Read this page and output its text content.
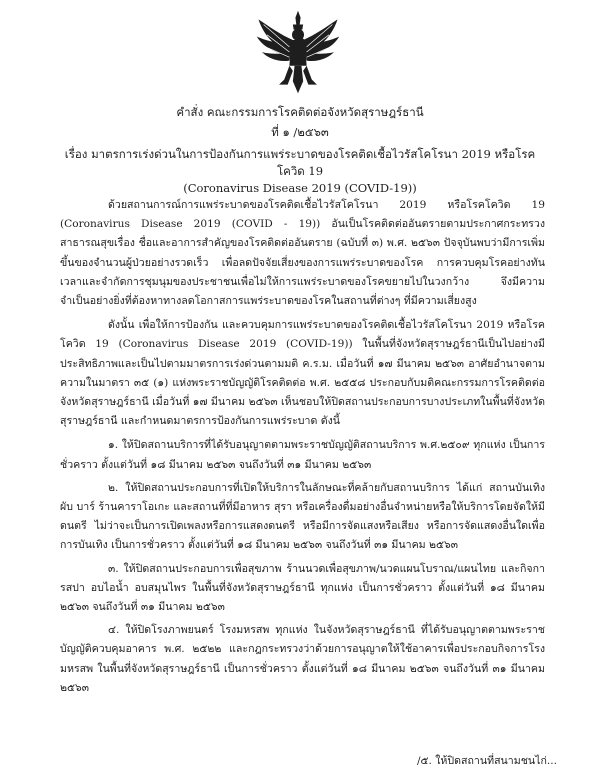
คำสั่ง คณะกรรมการโรคติดต่อจังหวัดสุราษฎร์ธานี
ที่ ๑ /๒๕๖๓
เรื่อง มาตรการเร่งด่วนในการป้องกันการแพร่ระบาดของโรคติดเชื้อไวรัสโคโรนา 2019 หรือโรคโควิด 19
(Coronavirus Disease 2019 (COVID-19))

ด้วยสถานการณ์การแพร่ระบาดของโรคติดเชื้อไวรัสโคโรนา 2019 หรือโรคโควิด 19 (Coronavirus Disease 2019 (COVID - 19)) อันเป็นโรคติดต่ออันตรายตามประกาศกระทรวงสาธารณสุขเรื่อง ชื่อและอาการสำคัญของโรคติดต่ออันตราย (ฉบับที่ ๓) พ.ศ. ๒๕๖๓ ปัจจุบันพบว่ามีการเพิ่มขึ้นของจำนวนผู้ป่วยอย่างรวดเร็ว เพื่อลดปัจจัยเสี่ยงของการแพร่ระบาดของโรค การควบคุมโรคอย่างทันเวลาและจำกัดการชุมนุมของประชาชนเพื่อไม่ให้การแพร่ระบาดของโรคขยายไปในวงกว้าง จึงมีความจำเป็นอย่างยิ่งที่ต้องหาทางลดโอกาสการแพร่ระบาดของโรคในสถานที่ต่างๆ ที่มีความเสี่ยงสูง

ดังนั้น เพื่อให้การป้องกัน และควบคุมการแพร่ระบาดของโรคติดเชื้อไวรัสโคโรนา 2019 หรือโรคโควิด 19 (Coronavirus Disease 2019 (COVID-19)) ในพื้นที่จังหวัดสุราษฎร์ธานีเป็นไปอย่างมีประสิทธิภาพและเป็นไปตามมาตรการเร่งด่วนตามมติ ค.ร.ม. เมื่อวันที่ ๑๗ มีนาคม ๒๕๖๓ อาศัยอำนาจตามความในมาตรา ๓๕ (๑) แห่งพระราชบัญญัติโรคติดต่อ พ.ศ. ๒๕๕๘ ประกอบกับมติคณะกรรมการโรคติดต่อจังหวัดสุราษฎร์ธานี เมื่อวันที่ ๑๗ มีนาคม ๒๕๖๓ เห็นชอบให้ปิดสถานประกอบการบางประเภทในพื้นที่จังหวัดสุราษฎร์ธานี และกำหนดมาตรการป้องกันการแพร่ระบาด ดังนี้

๑. ให้ปิดสถานบริการที่ได้รับอนุญาตตามพระราชบัญญัติสถานบริการ พ.ศ.๒๕๐๙ ทุกแห่ง เป็นการชั่วคราว ตั้งแต่วันที่ ๑๘ มีนาคม ๒๕๖๓ จนถึงวันที่ ๓๑ มีนาคม ๒๕๖๓

๒. ให้ปิดสถานประกอบการที่เปิดให้บริการในลักษณะที่คล้ายกับสถานบริการ ได้แก่ สถานบันเทิง ผับ บาร์ ร้านคาราโอเกะ และสถานที่ที่มีอาหาร สุรา หรือเครื่องดื่มอย่างอื่นจำหน่ายหรือให้บริการโดยจัดให้มีดนตรี ไม่ว่าจะเป็นการเปิดเพลงหรือการแสดงดนตรี หรือมีการจัดแสงหรือเสียง หรือการจัดแสดงอื่นใดเพื่อการบันเทิง เป็นการชั่วคราว ตั้งแต่วันที่ ๑๘ มีนาคม ๒๕๖๓ จนถึงวันที่ ๓๑ มีนาคม ๒๕๖๓

๓. ให้ปิดสถานประกอบการเพื่อสุขภาพ ร้านนวดเพื่อสุขภาพ/นวดแผนโบราณ/แผนไทย และกิจการสปา อบไอน้ำ อบสมุนไพร ในพื้นที่จังหวัดสุราษฎร์ธานี ทุกแห่ง เป็นการชั่วคราว ตั้งแต่วันที่ ๑๘ มีนาคม ๒๕๖๓ จนถึงวันที่ ๓๑ มีนาคม ๒๕๖๓

๔. ให้ปิดโรงภาพยนตร์ โรงมหรสพ ทุกแห่ง ในจังหวัดสุราษฎร์ธานี ที่ได้รับอนุญาตตามพระราชบัญญัติควบคุมอาคาร พ.ศ. ๒๕๒๒ และกฎกระทรวงว่าด้วยการอนุญาตให้ใช้อาคารเพื่อประกอบกิจการโรงมหรสพ ในพื้นที่จังหวัดสุราษฎร์ธานี เป็นการชั่วคราว ตั้งแต่วันที่ ๑๘ มีนาคม ๒๕๖๓ จนถึงวันที่ ๓๑ มีนาคม ๒๕๖๓

/๕. ให้ปิดสถานที่สนามชนไก่...
